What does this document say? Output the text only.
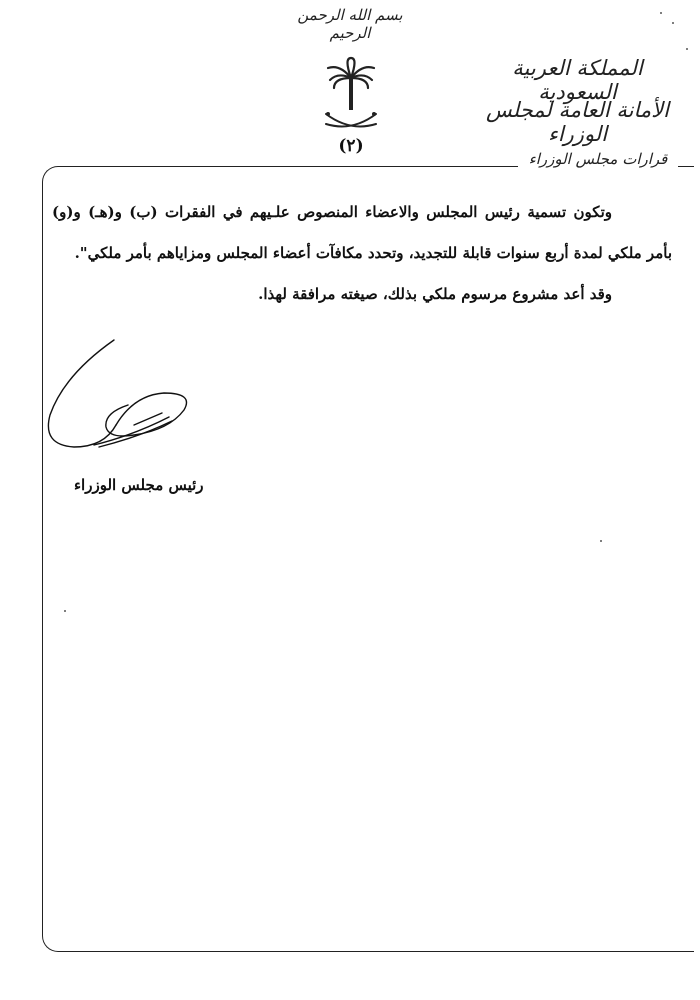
بسم الله الرحمن الرحيم
(٢)
المملكة العربية السعودية
الأمانة العامة لمجلس الوزراء
قرارات مجلس الوزراء

وتكون تسمية رئيس المجلس والاعضاء المنصوص علـيهم في الفقرات (ب) و(هـ) و(و) بأمر ملكي لمدة أربع سنوات قابلة للتجديد، وتحدد مكافآت أعضاء المجلس ومزاياهم بأمر ملكي".

وقد أعد مشروع مرسوم ملكي بذلك، صيغته مرافقة لهذا.

رئيس مجلس الوزراء
